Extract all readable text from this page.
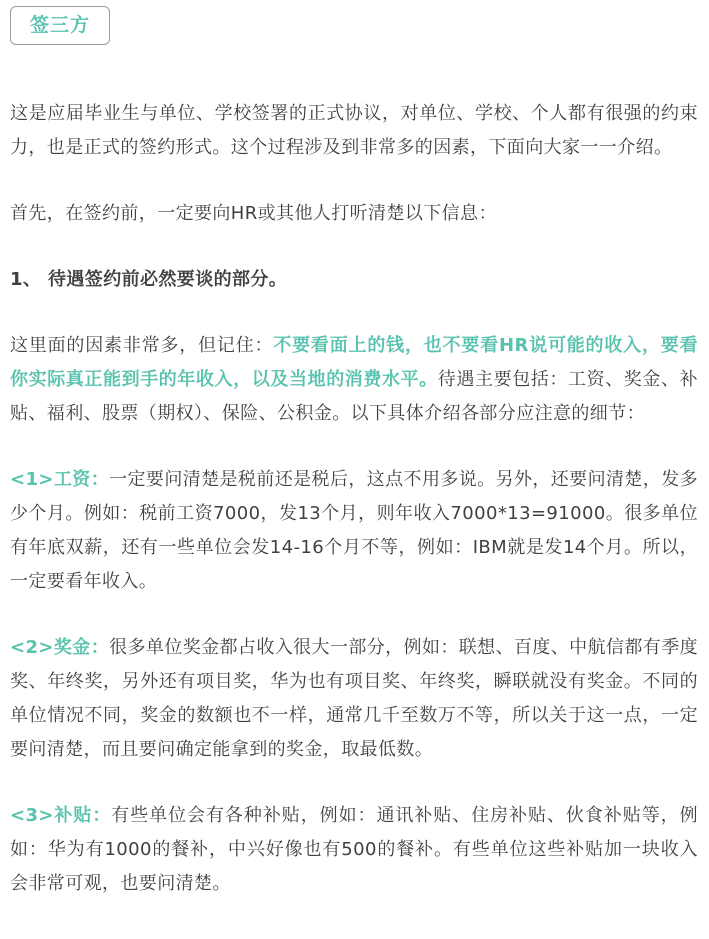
签三方

这是应届毕业生与单位、学校签署的正式协议，对单位、学校、个人都有很强的约束力，也是正式的签约形式。这个过程涉及到非常多的因素，下面向大家一一介绍。

首先，在签约前，一定要向HR或其他人打听清楚以下信息：

1、 待遇签约前必然要谈的部分。

这里面的因素非常多，但记住：不要看面上的钱，也不要看HR说可能的收入，要看你实际真正能到手的年收入，以及当地的消费水平。待遇主要包括：工资、奖金、补贴、福利、股票（期权）、保险、公积金。以下具体介绍各部分应注意的细节：

<1>工资：一定要问清楚是税前还是税后，这点不用多说。另外，还要问清楚，发多少个月。例如：税前工资7000，发13个月，则年收入7000*13=91000。很多单位有年底双薪，还有一些单位会发14-16个月不等，例如：IBM就是发14个月。所以，一定要看年收入。

<2>奖金：很多单位奖金都占收入很大一部分，例如：联想、百度、中航信都有季度奖、年终奖，另外还有项目奖，华为也有项目奖、年终奖，瞬联就没有奖金。不同的单位情况不同，奖金的数额也不一样，通常几千至数万不等，所以关于这一点，一定要问清楚，而且要问确定能拿到的奖金，取最低数。

<3>补贴：有些单位会有各种补贴，例如：通讯补贴、住房补贴、伙食补贴等，例如：华为有1000的餐补，中兴好像也有500的餐补。有些单位这些补贴加一块收入会非常可观，也要问清楚。
